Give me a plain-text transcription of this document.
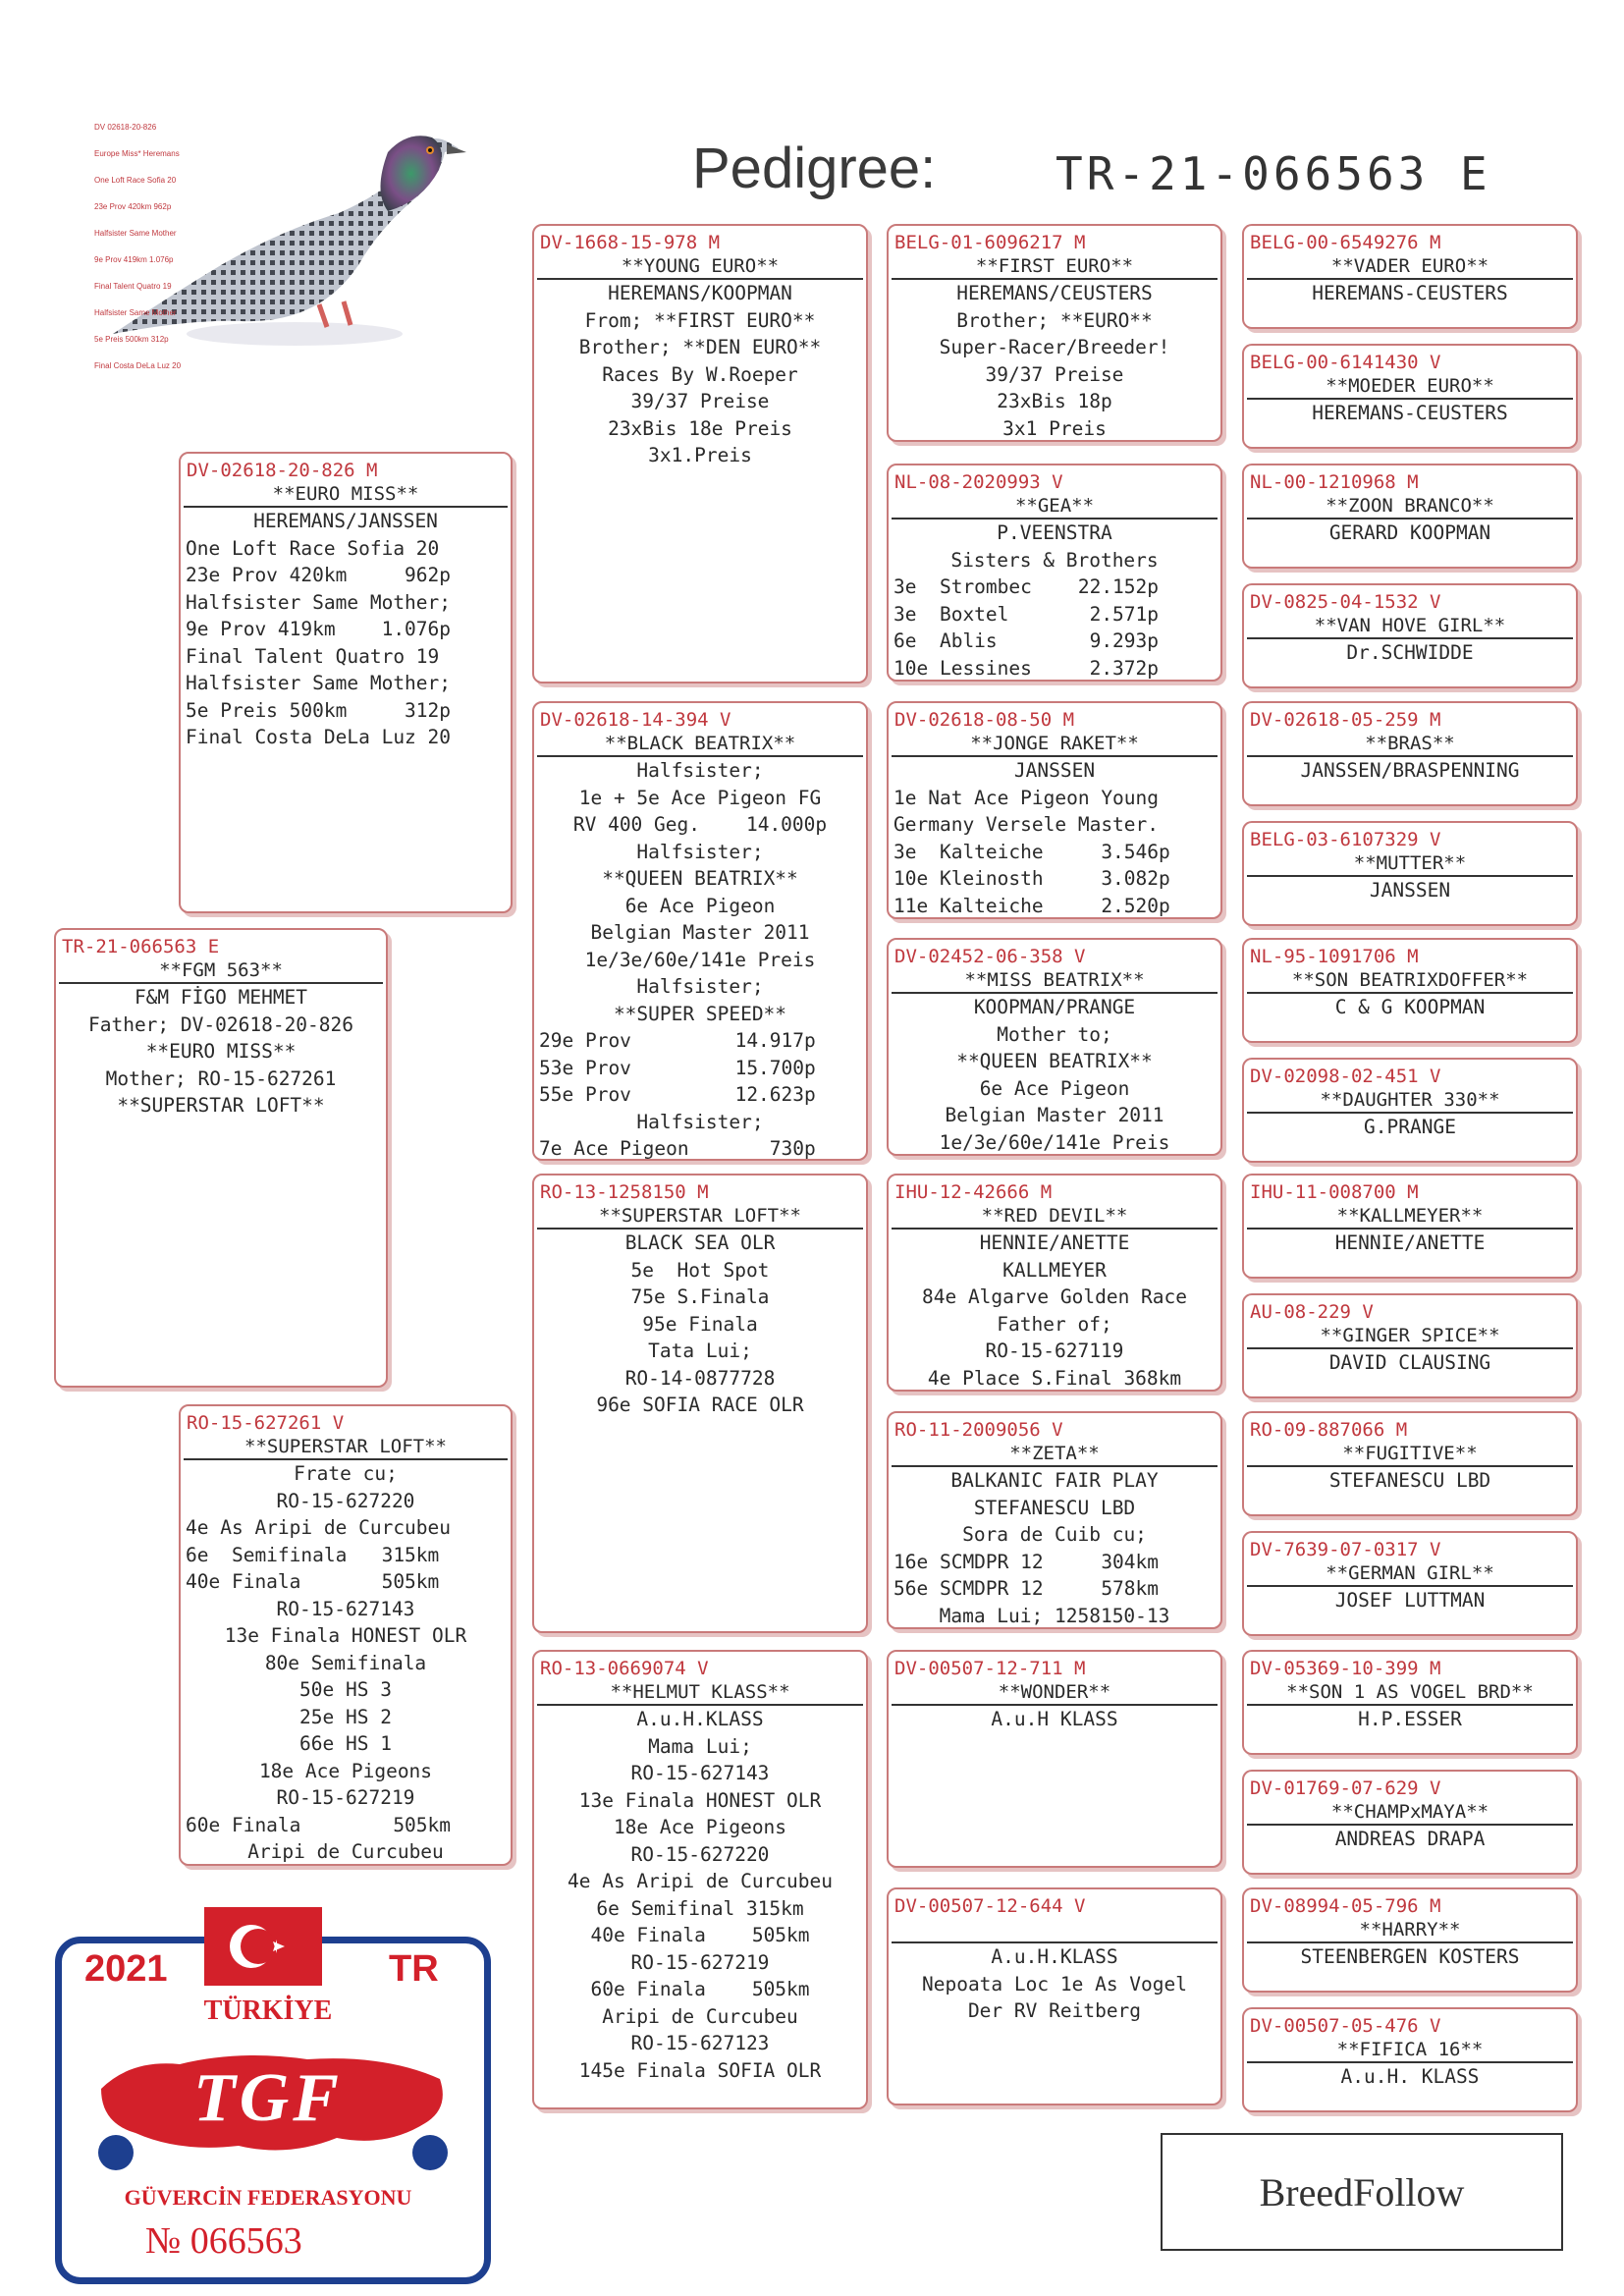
Pedigree:	TR-21-066563 E

DV 02618-20-826

Europe Miss* Heremans

One Loft Race Sofia 20

23e Prov 420km 962p

Halfsister Same Mother

9e Prov 419km 1.076p

Final Talent Quatro 19

Halfsister Same Mother

5e Preis 500km 312p

Final Costa DeLa Luz 20

TR-21-066563 E
**FGM 563**
F&M FİGO MEHMET
Father; DV-02618-20-826
**EURO MISS**
Mother; RO-15-627261
**SUPERSTAR LOFT**
DV-02618-20-826 M
**EURO MISS**
HEREMANS/JANSSEN
One Loft Race Sofia 20
23e Prov 420km     962p
Halfsister Same Mother;
9e Prov 419km    1.076p
Final Talent Quatro 19
Halfsister Same Mother;
5e Preis 500km     312p
Final Costa DeLa Luz 20
RO-15-627261 V
**SUPERSTAR LOFT**
Frate cu;
RO-15-627220
4e As Aripi de Curcubeu
6e  Semifinala   315km
40e Finala       505km
RO-15-627143
13e Finala HONEST OLR
80e Semifinala
50e HS 3
25e HS 2
66e HS 1
18e Ace Pigeons
RO-15-627219
60e Finala        505km
Aripi de Curcubeu
DV-1668-15-978 M
**YOUNG EURO**
HEREMANS/KOOPMAN
From; **FIRST EURO**
Brother; **DEN EURO**
Races By W.Roeper
39/37 Preise
23xBis 18e Preis
3x1.Preis
DV-02618-14-394 V
**BLACK BEATRIX**
Halfsister;
1e + 5e Ace Pigeon FG
RV 400 Geg.    14.000p
Halfsister;
**QUEEN BEATRIX**
6e Ace Pigeon
Belgian Master 2011
1e/3e/60e/141e Preis
Halfsister;
**SUPER SPEED**
29e Prov         14.917p
53e Prov         15.700p
55e Prov         12.623p
Halfsister;
7e Ace Pigeon       730p
RO-13-1258150 M
**SUPERSTAR LOFT**
BLACK SEA OLR
5e  Hot Spot
75e S.Finala
95e Finala
Tata Lui;
RO-14-0877728
96e SOFIA RACE OLR
RO-13-0669074 V
**HELMUT KLASS**
A.u.H.KLASS
Mama Lui;
RO-15-627143
13e Finala HONEST OLR
18e Ace Pigeons
RO-15-627220
4e As Aripi de Curcubeu
6e Semifinal 315km
40e Finala    505km
RO-15-627219
60e Finala    505km
Aripi de Curcubeu
RO-15-627123
145e Finala SOFIA OLR
BELG-01-6096217 M
**FIRST EURO**
HEREMANS/CEUSTERS
Brother; **EURO**
Super-Racer/Breeder!
39/37 Preise
23xBis 18p
3x1 Preis
NL-08-2020993 V
**GEA**
P.VEENSTRA
Sisters & Brothers
3e  Strombec    22.152p
3e  Boxtel       2.571p
6e  Ablis        9.293p
10e Lessines     2.372p
DV-02618-08-50 M
**JONGE RAKET**
JANSSEN
1e Nat Ace Pigeon Young
Germany Versele Master.
3e  Kalteiche     3.546p
10e Kleinosth     3.082p
11e Kalteiche     2.520p
DV-02452-06-358 V
**MISS BEATRIX**
KOOPMAN/PRANGE
Mother to;
**QUEEN BEATRIX**
6e Ace Pigeon
Belgian Master 2011
1e/3e/60e/141e Preis
IHU-12-42666 M
**RED DEVIL**
HENNIE/ANETTE
KALLMEYER
84e Algarve Golden Race
Father of;
RO-15-627119
4e Place S.Final 368km
RO-11-2009056 V
**ZETA**
BALKANIC FAIR PLAY
STEFANESCU LBD
Sora de Cuib cu;
16e SCMDPR 12     304km
56e SCMDPR 12     578km
Mama Lui; 1258150-13
DV-00507-12-711 M
**WONDER**
A.u.H KLASS
DV-00507-12-644 V

A.u.H.KLASS
Nepoata Loc 1e As Vogel
Der RV Reitberg
BELG-00-6549276 M
**VADER EURO**
HEREMANS-CEUSTERS
BELG-00-6141430 V
**MOEDER EURO**
HEREMANS-CEUSTERS
NL-00-1210968 M
**ZOON BRANCO**
GERARD KOOPMAN
DV-0825-04-1532 V
**VAN HOVE GIRL**
Dr.SCHWIDDE
DV-02618-05-259 M
**BRAS**
JANSSEN/BRASPENNING
BELG-03-6107329 V
**MUTTER**
JANSSEN
NL-95-1091706 M
**SON BEATRIXDOFFER**
C & G KOOPMAN
DV-02098-02-451 V
**DAUGHTER 330**
G.PRANGE
IHU-11-008700 M
**KALLMEYER**
HENNIE/ANETTE
AU-08-229 V
**GINGER SPICE**
DAVID CLAUSING
RO-09-887066 M
**FUGITIVE**
STEFANESCU LBD
DV-7639-07-0317 V
**GERMAN GIRL**
JOSEF LUTTMAN
DV-05369-10-399 M
**SON 1 AS VOGEL BRD**
H.P.ESSER
DV-01769-07-629 V
**CHAMPxMAYA**
ANDREAS DRAPA
DV-08994-05-796 M
**HARRY**
STEENBERGEN KOSTERS
DV-00507-05-476 V
**FIFICA 16**
A.u.H. KLASS
2021	TR
TÜRKİYE
TGF
GÜVERCİN FEDERASYONU
№ 066563
BreedFollow
